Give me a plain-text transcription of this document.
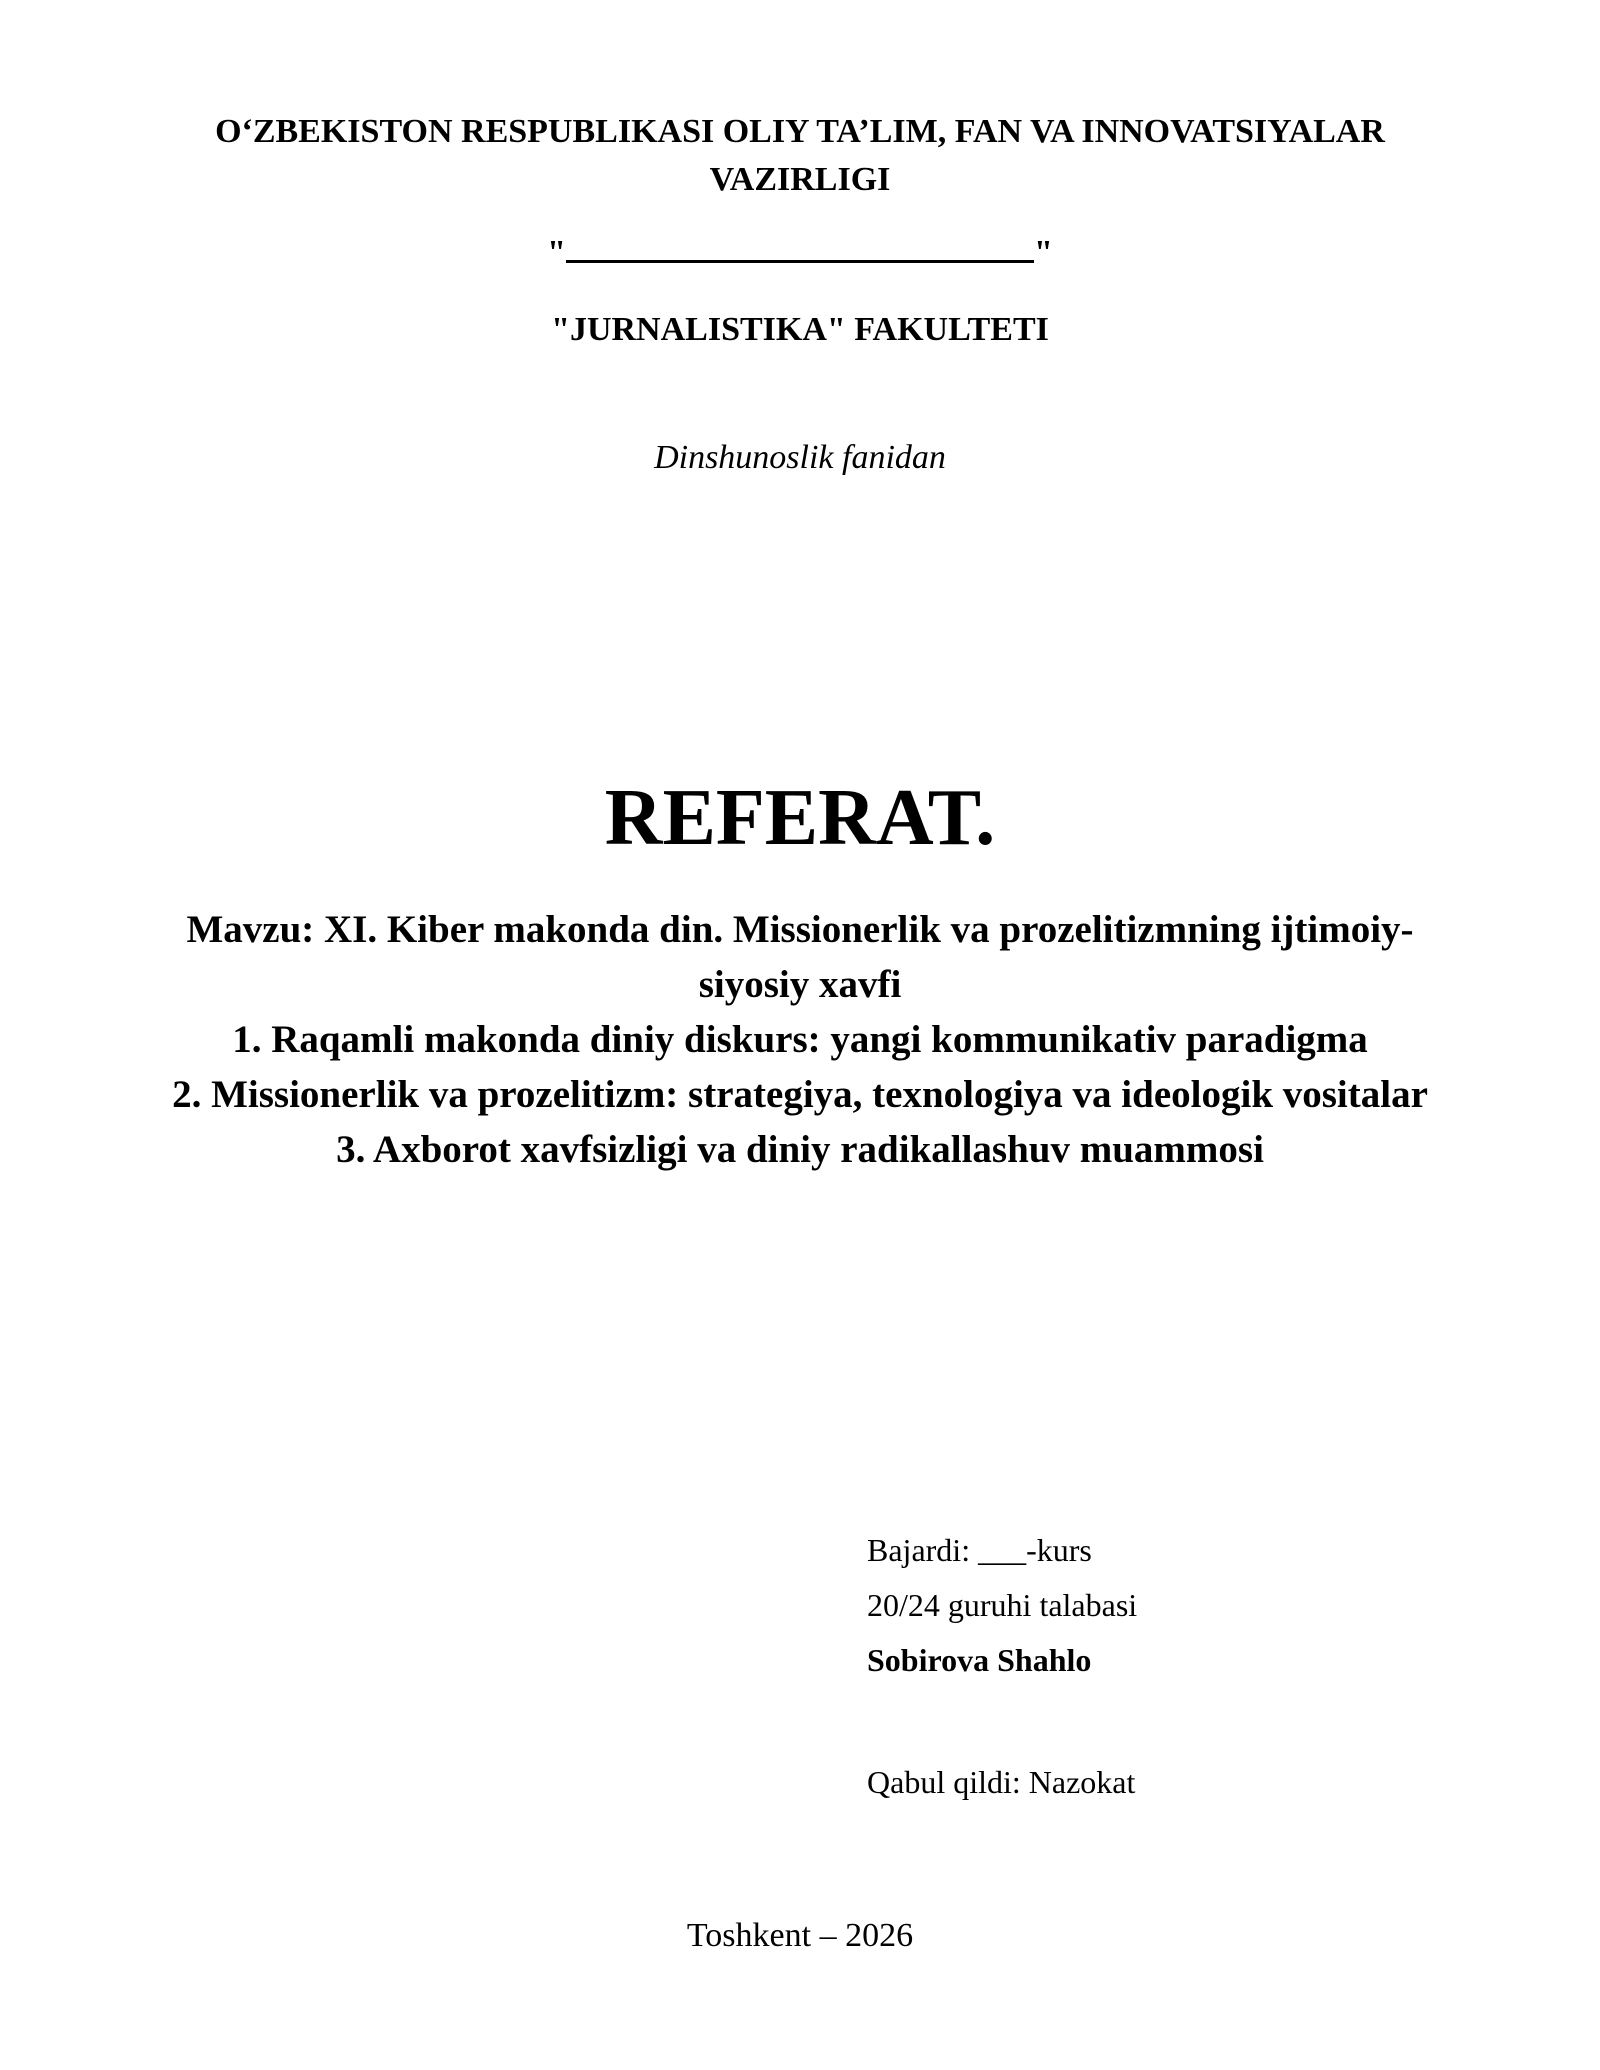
O‘ZBEKISTON RESPUBLIKASI OLIY TA’LIM, FAN VA INNOVATSIYALAR
VAZIRLIGI
"	"
"JURNALISTIKA" FAKULTETI
Dinshunoslik fanidan
REFERAT.
Mavzu: XI. Kiber makonda din. Missionerlik va prozelitizmning ijtimoiy-
siyosiy xavfi
1. Raqamli makonda diniy diskurs: yangi kommunikativ paradigma
2. Missionerlik va prozelitizm: strategiya, texnologiya va ideologik vositalar
3. Axborot xavfsizligi va diniy radikallashuv muammosi
Bajardi: ___-kurs
20/24 guruhi talabasi
Sobirova Shahlo
Qabul qildi: Nazokat
Toshkent – 2026
